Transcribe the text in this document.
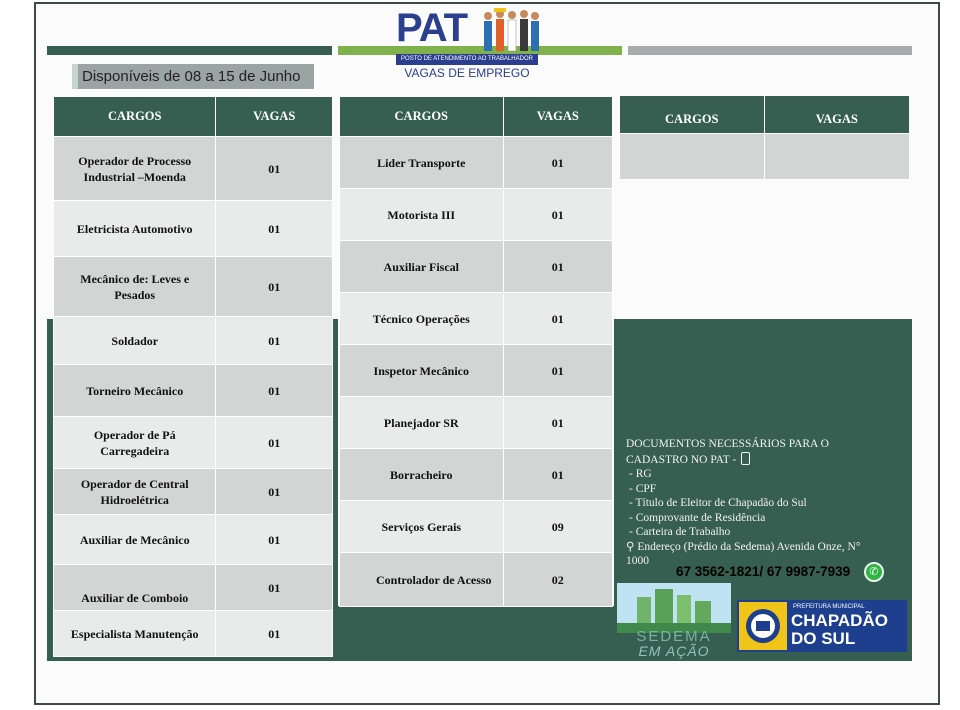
PAT
POSTO DE ATENDIMENTO AO TRABALHADOR
VAGAS DE EMPREGO
Disponíveis de 08 a 15 de Junho
CARGOS	VAGAS
Operador de Processo Industrial –Moenda	01
Eletricista Automotivo	01
Mecânico de: Leves e Pesados	01
Soldador	01
Torneiro Mecânico	01
Operador de Pá Carregadeira	01
Operador de Central Hidroelétrica	01
Auxiliar de Mecânico	01
Auxiliar de Comboio	01
Especialista Manutenção	01
CARGOS	VAGAS
Lider Transporte	01
Motorista III	01
Auxiliar Fiscal	01
Técnico Operações	01
Inspetor Mecânico	01
Planejador SR	01
Borracheiro	01
Serviços Gerais	09
Controlador de Acesso	02
CARGOS	VAGAS

DOCUMENTOS NECESSÁRIOS PARA O
CADASTRO NO PAT -
- RG
- CPF
- Título de Eleitor de Chapadão do Sul
- Comprovante de Residência
- Carteira de Trabalho
⚲ Endereço (Prédio da Sedema) Avenida Onze, N°
1000
67 3562-1821/ 67 9987-7939	✆
SEDEMA
EM AÇÃO
PREFEITURA MUNICIPAL
CHAPADÃO
DO SUL
